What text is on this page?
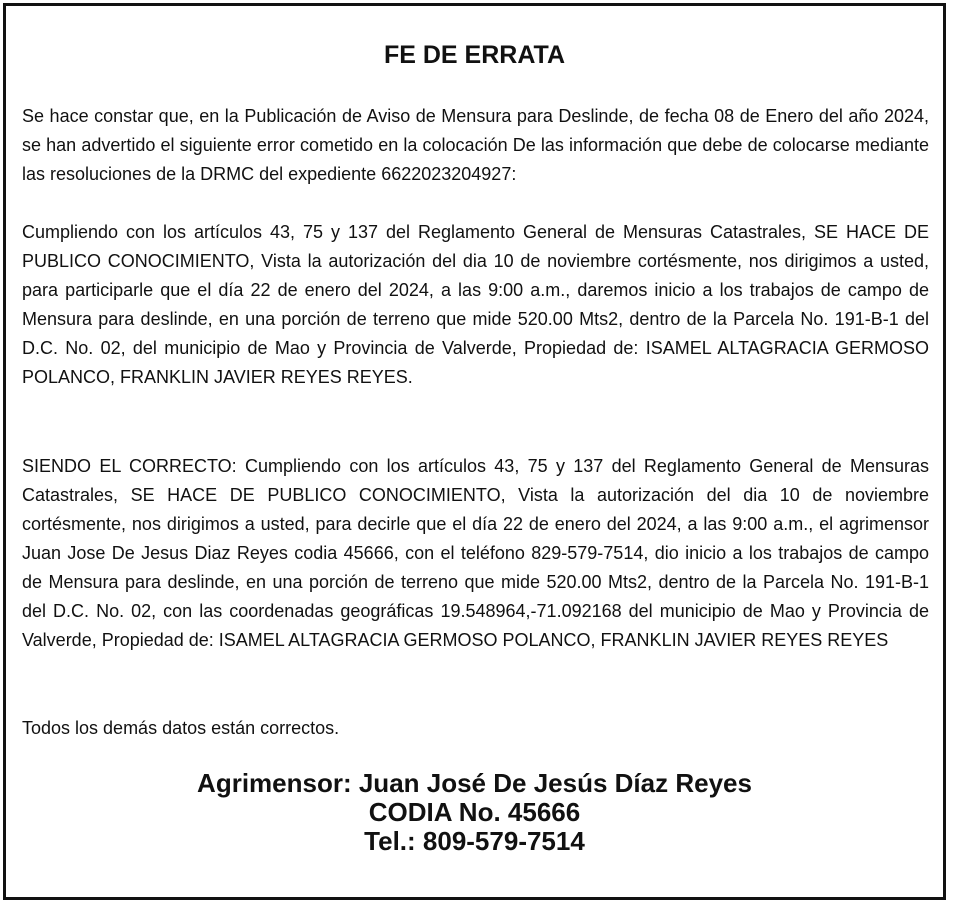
FE DE ERRATA

Se hace constar que, en la Publicación de Aviso de Mensura para Deslinde, de fecha 08 de Enero del año 2024, se han advertido el siguiente error cometido en la colocación De las información que debe de colocarse mediante las resoluciones de la DRMC del expediente 6622023204927:

Cumpliendo con los artículos 43, 75 y 137 del Reglamento General de Mensuras Catastrales, SE HACE DE PUBLICO CONOCIMIENTO, Vista la autorización del dia 10 de noviembre cortésmente, nos dirigimos a usted, para participarle que el día 22 de enero del 2024, a las 9:00 a.m., daremos inicio a los trabajos de campo de Mensura para deslinde, en una porción de terreno que mide 520.00 Mts2, dentro de la Parcela No. 191-B-1 del D.C. No. 02, del municipio de Mao y Provincia de Valverde, Propiedad de: ISAMEL ALTAGRACIA GERMOSO POLANCO, FRANKLIN JAVIER REYES REYES.

SIENDO EL CORRECTO: Cumpliendo con los artículos 43, 75 y 137 del Reglamento General de Mensuras Catastrales, SE HACE DE PUBLICO CONOCIMIENTO, Vista la autorización del dia 10 de noviembre cortésmente, nos dirigimos a usted, para decirle que el día 22 de enero del 2024, a las 9:00 a.m., el agrimensor Juan Jose De Jesus Diaz Reyes codia 45666, con el teléfono 829-579-7514, dio inicio a los trabajos de campo de Mensura para deslinde, en una porción de terreno que mide 520.00 Mts2, dentro de la Parcela No. 191-B-1 del D.C. No. 02, con las coordenadas geográficas 19.548964,-71.092168 del municipio de Mao y Provincia de Valverde, Propiedad de: ISAMEL ALTAGRACIA GERMOSO POLANCO, FRANKLIN JAVIER REYES REYES

Todos los demás datos están correctos.

Agrimensor: Juan José De Jesús Díaz Reyes
CODIA No. 45666
Tel.: 809-579-7514
